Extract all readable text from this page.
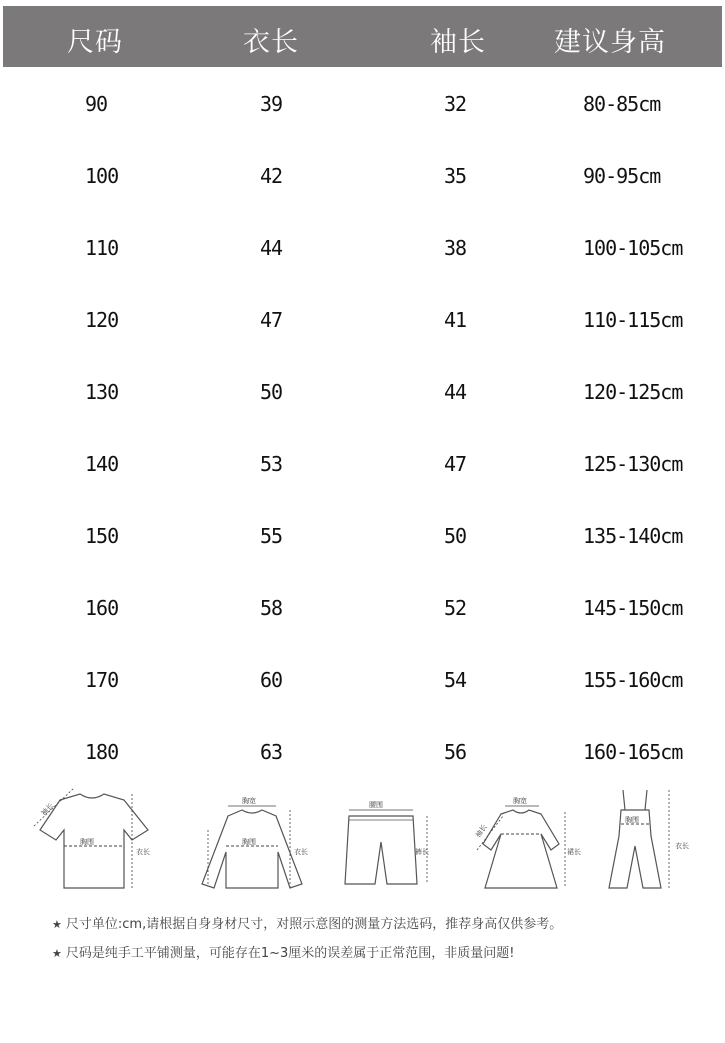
尺码	衣长	袖长	建议身高
90	39	32	80-85cm
100	42	35	90-95cm
110	44	38	100-105cm
120	47	41	110-115cm
130	50	44	120-125cm
140	53	47	125-130cm
150	55	50	135-140cm
160	58	52	145-150cm
170	60	54	155-160cm
180	63	56	160-165cm
胸围
衣长
袖长
胸宽
胸围
衣长
腰围
裤长
胸宽
裙长
袖长
胸围
衣长
★ 尺寸单位:cm,请根据自身身材尺寸，对照示意图的测量方法选码，推荐身高仅供参考。
★ 尺码是纯手工平铺测量，可能存在1~3厘米的误差属于正常范围，非质量问题!
